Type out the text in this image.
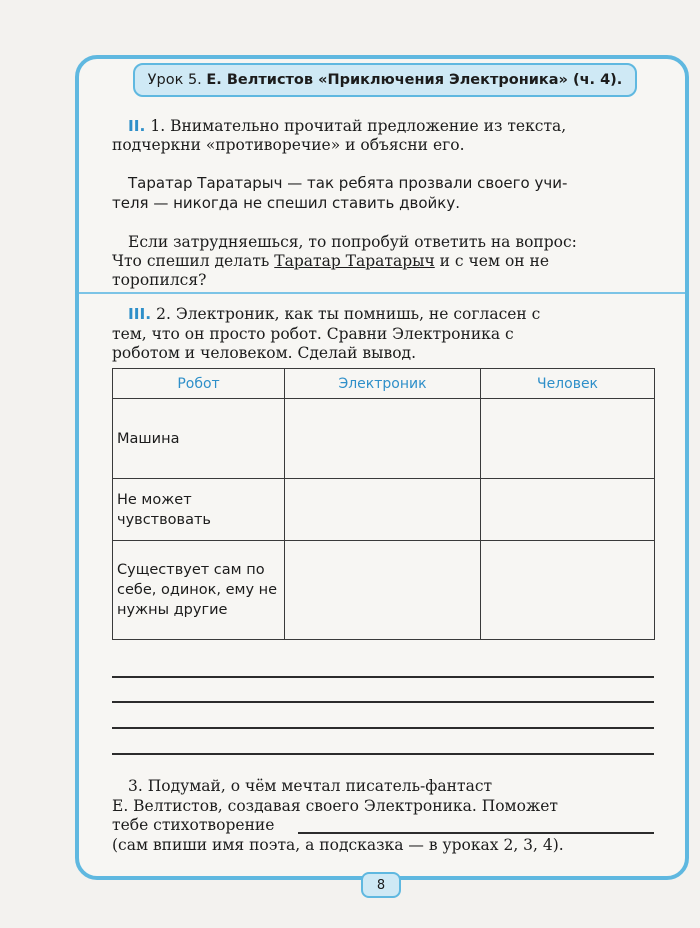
Урок 5.
Е. Велтистов «Приключения Электроника» (ч. 4).
II. 1. Внимательно прочитай предложение из текста,
подчеркни «противоречие» и объясни его.
Таратар Таратарыч — так ребята прозвали своего учи-
теля — никогда не спешил ставить двойку.
Если затрудняешься, то попробуй ответить на вопрос:
Что спешил делать Таратар Таратарыч и с чем он не
торопился?
III. 2. Электроник, как ты помнишь, не согласен с
тем, что он просто робот. Сравни Электроника с
роботом и человеком. Сделай вывод.
Робот	Электроник	Человек
Машина		
Не может чувствовать		
Существует сам по себе, одинок, ему не нужны другие		
3. Подумай, о чём мечтал писатель-фантаст
Е. Велтистов, создавая своего Электроника. Поможет
тебе стихотворение
(сам впиши имя поэта, а подсказка — в уроках 2, 3, 4).
8
